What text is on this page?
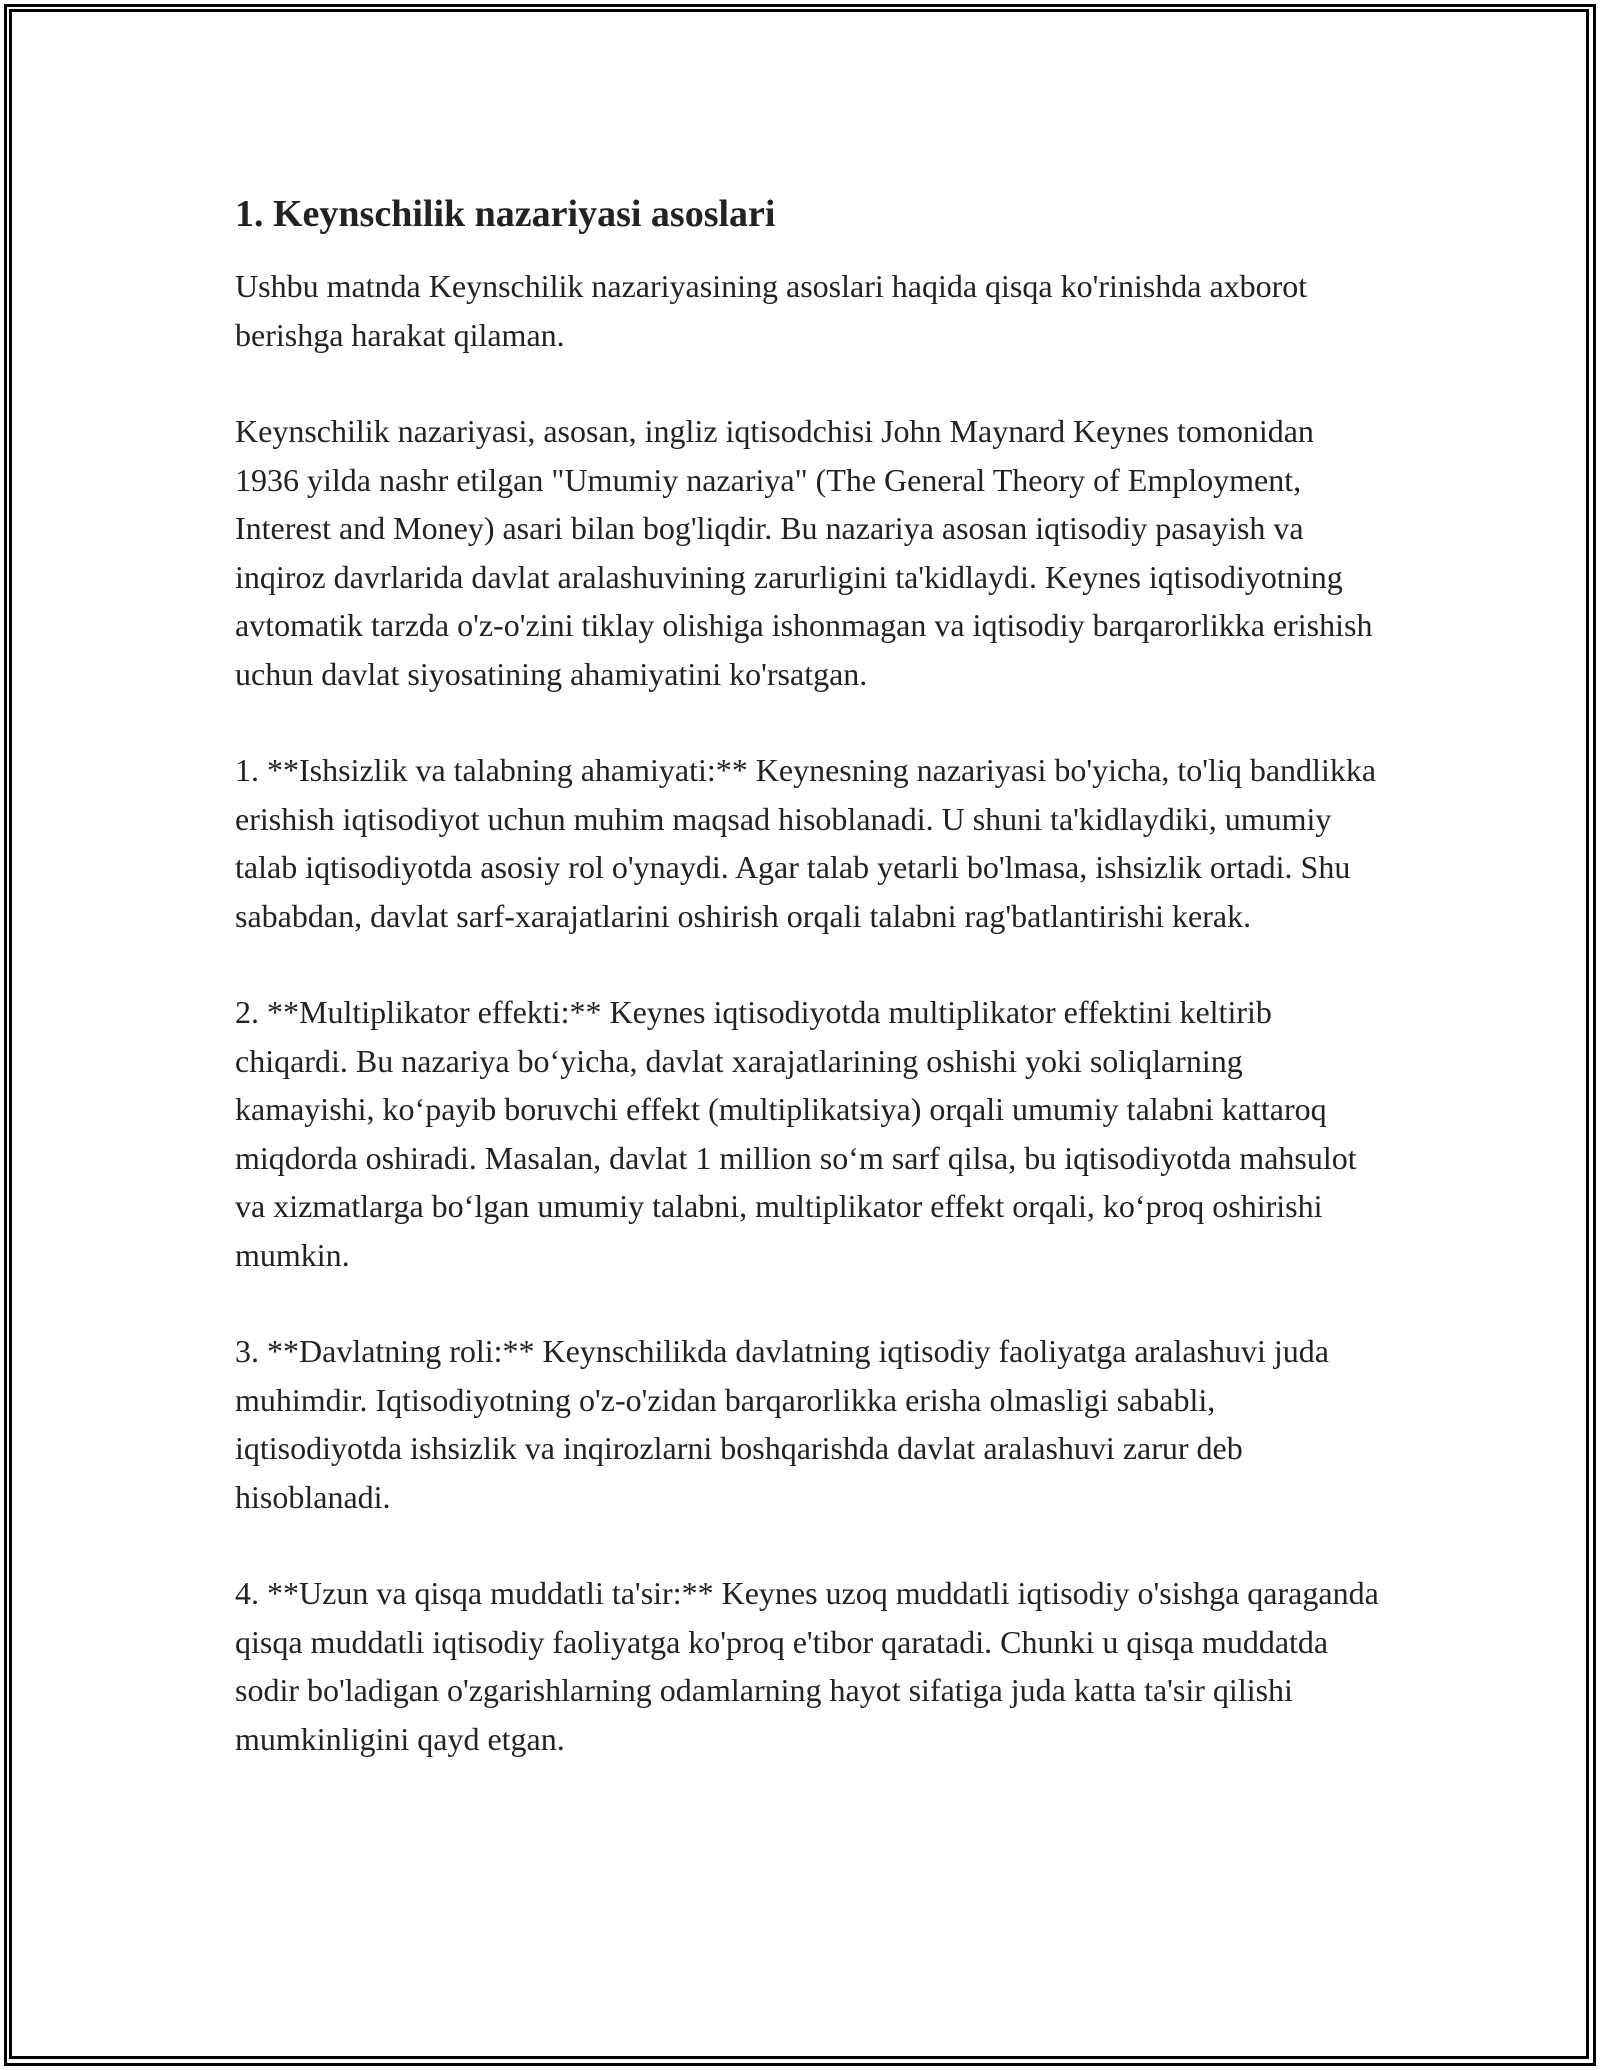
1. Keynschilik nazariyasi asoslari

Ushbu matnda Keynschilik nazariyasining asoslari haqida qisqa ko'rinishda axborot berishga harakat qilaman.

Keynschilik nazariyasi, asosan, ingliz iqtisodchisi John Maynard Keynes tomonidan 1936 yilda nashr etilgan "Umumiy nazariya" (The General Theory of Employment, Interest and Money) asari bilan bog'liqdir. Bu nazariya asosan iqtisodiy pasayish va inqiroz davrlarida davlat aralashuvining zarurligini ta'kidlaydi. Keynes iqtisodiyotning avtomatik tarzda o'z-o'zini tiklay olishiga ishonmagan va iqtisodiy barqarorlikka erishish uchun davlat siyosatining ahamiyatini ko'rsatgan.

1. **Ishsizlik va talabning ahamiyati:** Keynesning nazariyasi bo'yicha, to'liq bandlikka erishish iqtisodiyot uchun muhim maqsad hisoblanadi. U shuni ta'kidlaydiki, umumiy talab iqtisodiyotda asosiy rol o'ynaydi. Agar talab yetarli bo'lmasa, ishsizlik ortadi. Shu sababdan, davlat sarf-xarajatlarini oshirish orqali talabni rag'batlantirishi kerak.

2. **Multiplikator effekti:** Keynes iqtisodiyotda multiplikator effektini keltirib chiqardi. Bu nazariya bo‘yicha, davlat xarajatlarining oshishi yoki soliqlarning kamayishi, ko‘payib boruvchi effekt (multiplikatsiya) orqali umumiy talabni kattaroq miqdorda oshiradi. Masalan, davlat 1 million so‘m sarf qilsa, bu iqtisodiyotda mahsulot va xizmatlarga bo‘lgan umumiy talabni, multiplikator effekt orqali, ko‘proq oshirishi mumkin.

3. **Davlatning roli:** Keynschilikda davlatning iqtisodiy faoliyatga aralashuvi juda muhimdir. Iqtisodiyotning o'z-o'zidan barqarorlikka erisha olmasligi sababli, iqtisodiyotda ishsizlik va inqirozlarni boshqarishda davlat aralashuvi zarur deb hisoblanadi.

4. **Uzun va qisqa muddatli ta'sir:** Keynes uzoq muddatli iqtisodiy o'sishga qaraganda qisqa muddatli iqtisodiy faoliyatga ko'proq e'tibor qaratadi. Chunki u qisqa muddatda sodir bo'ladigan o'zgarishlarning odamlarning hayot sifatiga juda katta ta'sir qilishi mumkinligini qayd etgan.
